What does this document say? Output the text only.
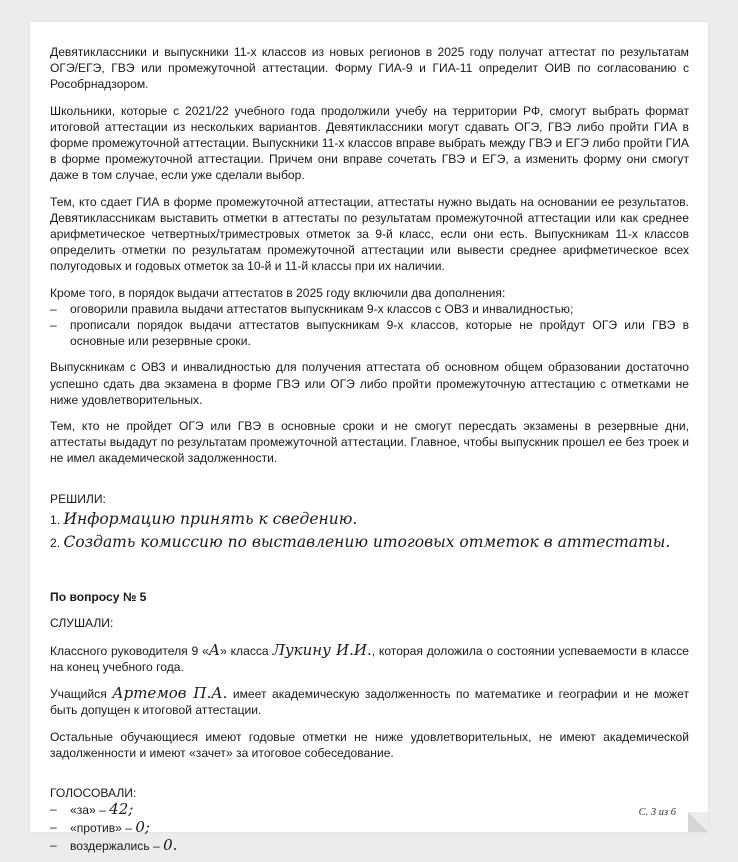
Девятиклассники и выпускники 11-х классов из новых регионов в 2025 году получат аттестат по результатам ОГЭ/ЕГЭ, ГВЭ или промежуточной аттестации. Форму ГИА-9 и ГИА-11 определит ОИВ по согласованию с Рособрнадзором.

Школьники, которые с 2021/22 учебного года продолжили учебу на территории РФ, смогут выбрать формат итоговой аттестации из нескольких вариантов. Девятиклассники могут сдавать ОГЭ, ГВЭ либо пройти ГИА в форме промежуточной аттестации. Выпускники 11-х классов вправе выбрать между ГВЭ и ЕГЭ либо пройти ГИА в форме промежуточной аттестации. Причем они вправе сочетать ГВЭ и ЕГЭ, а изменить форму они смогут даже в том случае, если уже сделали выбор.

Тем, кто сдает ГИА в форме промежуточной аттестации, аттестаты нужно выдать на основании ее результатов. Девятиклассникам выставить отметки в аттестаты по результатам промежуточной аттестации или как среднее арифметическое четвертных/триместровых отметок за 9-й класс, если они есть. Выпускникам 11-х классов определить отметки по результатам промежуточной аттестации или вывести среднее арифметическое всех полугодовых и годовых отметок за 10-й и 11-й классы при их наличии.

Кроме того, в порядок выдачи аттестатов в 2025 году включили два дополнения:

–	оговорили правила выдачи аттестатов выпускникам 9-х классов с ОВЗ и инвалидностью;
–	прописали порядок выдачи аттестатов выпускникам 9-х классов, которые не пройдут ОГЭ или ГВЭ в основные или резервные сроки.

Выпускникам с ОВЗ и инвалидностью для получения аттестата об основном общем образовании достаточно успешно сдать два экзамена в форме ГВЭ или ОГЭ либо пройти промежуточную аттестацию с отметками не ниже удовлетворительных.

Тем, кто не пройдет ОГЭ или ГВЭ в основные сроки и не смогут пересдать экзамены в резервные дни, аттестаты выдадут по результатам промежуточной аттестации. Главное, чтобы выпускник прошел ее без троек и не имел академической задолженности.

РЕШИЛИ:
1. Информацию принять к сведению.
2. Создать комиссию по выставлению итоговых отметок в аттестаты.
По вопросу № 5
СЛУШАЛИ:

Классного руководителя 9 «А» класса Лукину И.И., которая доложила о состоянии успеваемости в классе на конец учебного года.

Учащийся Артемов П.А. имеет академическую задолженность по математике и географии и не может быть допущен к итоговой аттестации.

Остальные обучающиеся имеют годовые отметки не ниже удовлетворительных, не имеют академической задолженности и имеют «зачет» за итоговое собеседование.

ГОЛОСОВАЛИ:
–	«за» – 42;
–	«против» – 0;
–	воздержались – 0.
С. 3 из 6
